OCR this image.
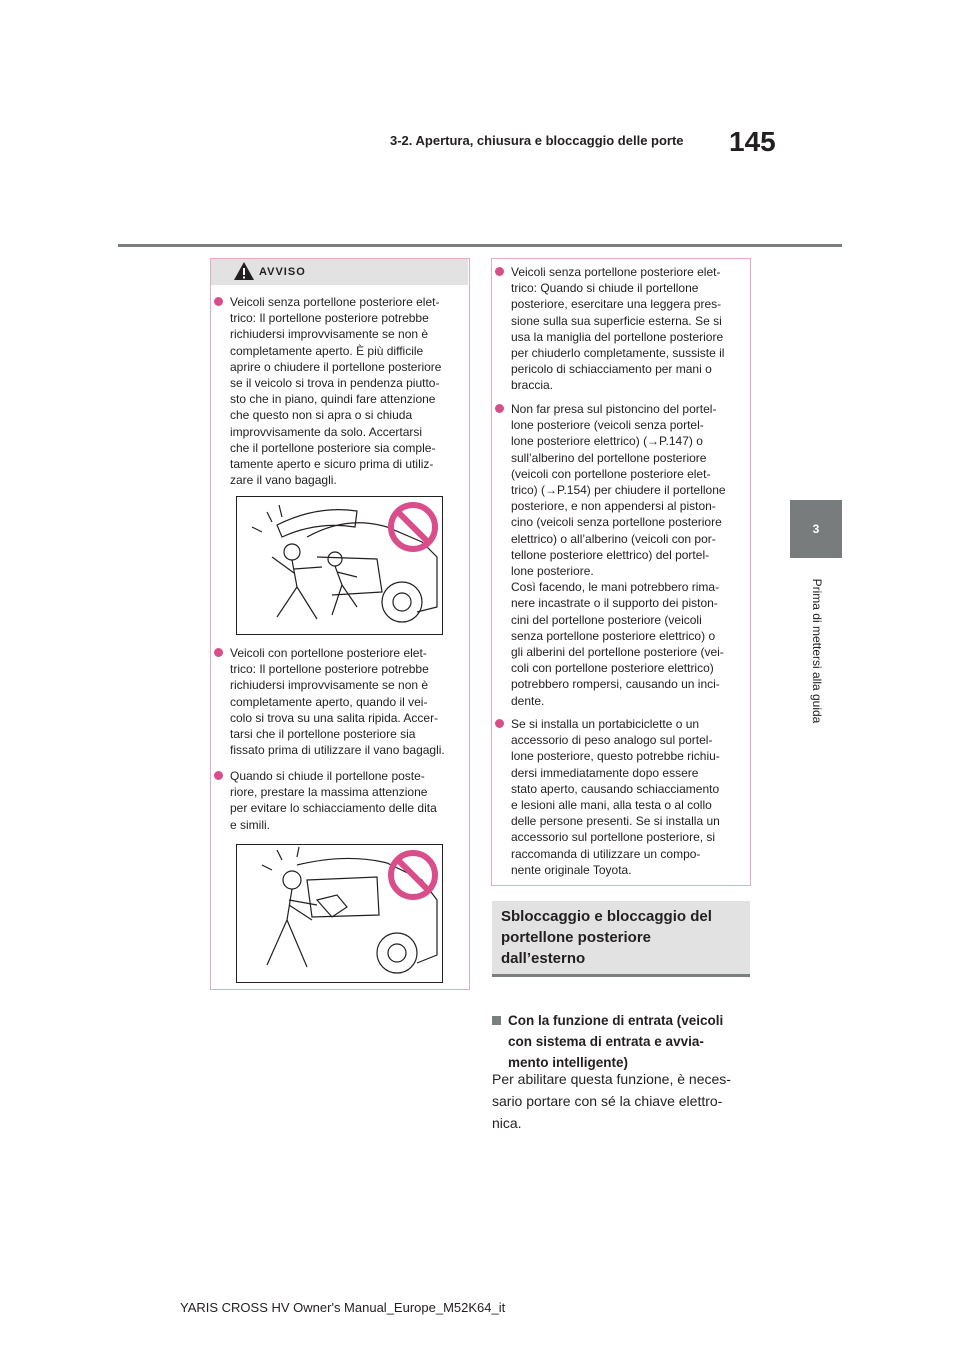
3-2. Apertura, chiusura e bloccaggio delle porte	145
3
Prima di mettersi alla guida
AVVISO
Veicoli senza portellone posteriore elet-
trico: Il portellone posteriore potrebbe
richiudersi improvvisamente se non è
completamente aperto. È più difficile
aprire o chiudere il portellone posteriore
se il veicolo si trova in pendenza piutto-
sto che in piano, quindi fare attenzione
che questo non si apra o si chiuda
improvvisamente da solo. Accertarsi
che il portellone posteriore sia comple-
tamente aperto e sicuro prima di utiliz-
zare il vano bagagli.
Veicoli con portellone posteriore elet-
trico: Il portellone posteriore potrebbe
richiudersi improvvisamente se non è
completamente aperto, quando il vei-
colo si trova su una salita ripida. Accer-
tarsi che il portellone posteriore sia
fissato prima di utilizzare il vano bagagli.
Quando si chiude il portellone poste-
riore, prestare la massima attenzione
per evitare lo schiacciamento delle dita
e simili.
Veicoli senza portellone posteriore elet-
trico: Quando si chiude il portellone
posteriore, esercitare una leggera pres-
sione sulla sua superficie esterna. Se si
usa la maniglia del portellone posteriore
per chiuderlo completamente, sussiste il
pericolo di schiacciamento per mani o
braccia.
Non far presa sul pistoncino del portel-
lone posteriore (veicoli senza portel-
lone posteriore elettrico) (→P.147) o
sull’alberino del portellone posteriore
(veicoli con portellone posteriore elet-
trico) (→P.154) per chiudere il portellone
posteriore, e non appendersi al piston-
cino (veicoli senza portellone posteriore
elettrico) o all’alberino (veicoli con por-
tellone posteriore elettrico) del portel-
lone posteriore.
Così facendo, le mani potrebbero rima-
nere incastrate o il supporto dei piston-
cini del portellone posteriore (veicoli
senza portellone posteriore elettrico) o
gli alberini del portellone posteriore (vei-
coli con portellone posteriore elettrico)
potrebbero rompersi, causando un inci-
dente.
Se si installa un portabiciclette o un
accessorio di peso analogo sul portel-
lone posteriore, questo potrebbe richiu-
dersi immediatamente dopo essere
stato aperto, causando schiacciamento
e lesioni alle mani, alla testa o al collo
delle persone presenti. Se si installa un
accessorio sul portellone posteriore, si
raccomanda di utilizzare un compo-
nente originale Toyota.
Sbloccaggio e bloccaggio del
portellone posteriore
dall’esterno
Con la funzione di entrata (veicoli
con sistema di entrata e avvia-
mento intelligente)
Per abilitare questa funzione, è neces-
sario portare con sé la chiave elettro-
nica.
YARIS CROSS HV Owner's Manual_Europe_M52K64_it
